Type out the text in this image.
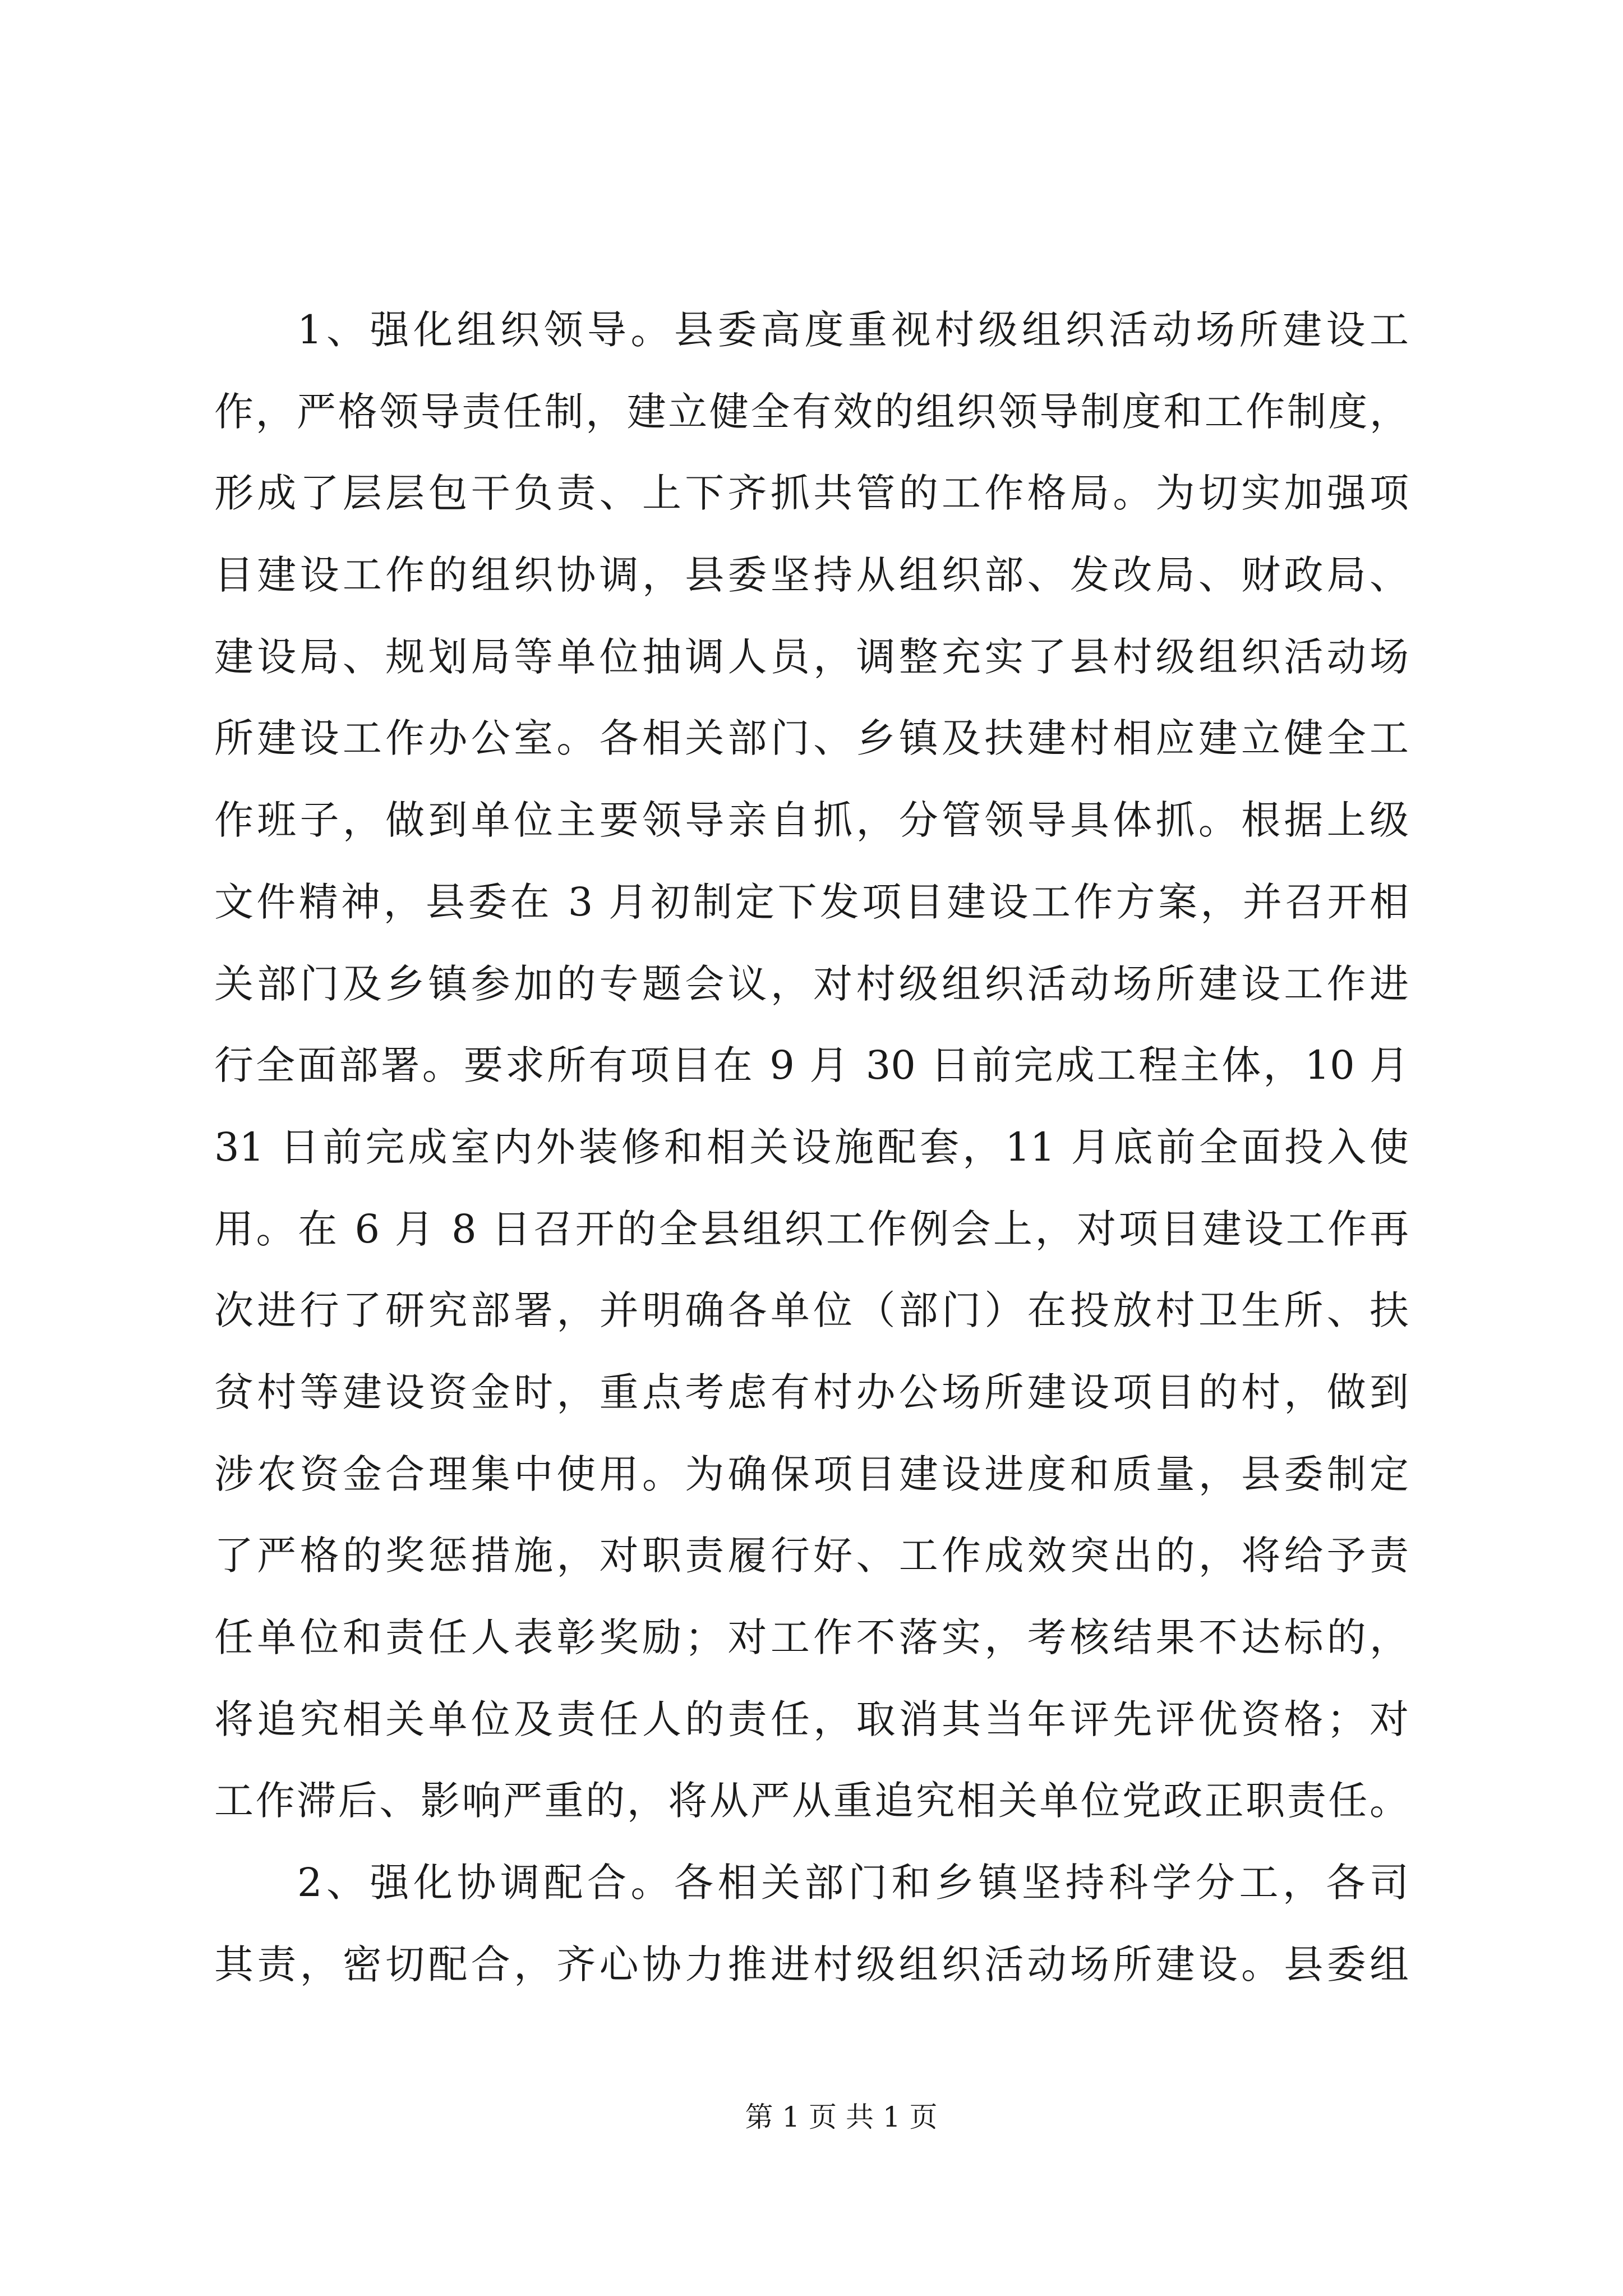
1、强化组织领导。县委高度重视村级组织活动场所建设工
作，严格领导责任制，建立健全有效的组织领导制度和工作制度，
形成了层层包干负责、上下齐抓共管的工作格局。为切实加强项
目建设工作的组织协调，县委坚持从组织部、发改局、财政局、
建设局、规划局等单位抽调人员，调整充实了县村级组织活动场
所建设工作办公室。各相关部门、乡镇及扶建村相应建立健全工
作班子，做到单位主要领导亲自抓，分管领导具体抓。根据上级
文件精神，县委在 3 月初制定下发项目建设工作方案，并召开相
关部门及乡镇参加的专题会议，对村级组织活动场所建设工作进
行全面部署。要求所有项目在 9 月 30 日前完成工程主体，10 月
31 日前完成室内外装修和相关设施配套，11 月底前全面投入使
用。在 6 月 8 日召开的全县组织工作例会上，对项目建设工作再
次进行了研究部署，并明确各单位（部门）在投放村卫生所、扶
贫村等建设资金时，重点考虑有村办公场所建设项目的村，做到
涉农资金合理集中使用。为确保项目建设进度和质量，县委制定
了严格的奖惩措施，对职责履行好、工作成效突出的，将给予责
任单位和责任人表彰奖励；对工作不落实，考核结果不达标的，
将追究相关单位及责任人的责任，取消其当年评先评优资格；对
工作滞后、影响严重的，将从严从重追究相关单位党政正职责任。
2、强化协调配合。各相关部门和乡镇坚持科学分工，各司
其责，密切配合，齐心协力推进村级组织活动场所建设。县委组
第 1 页 共 1 页
